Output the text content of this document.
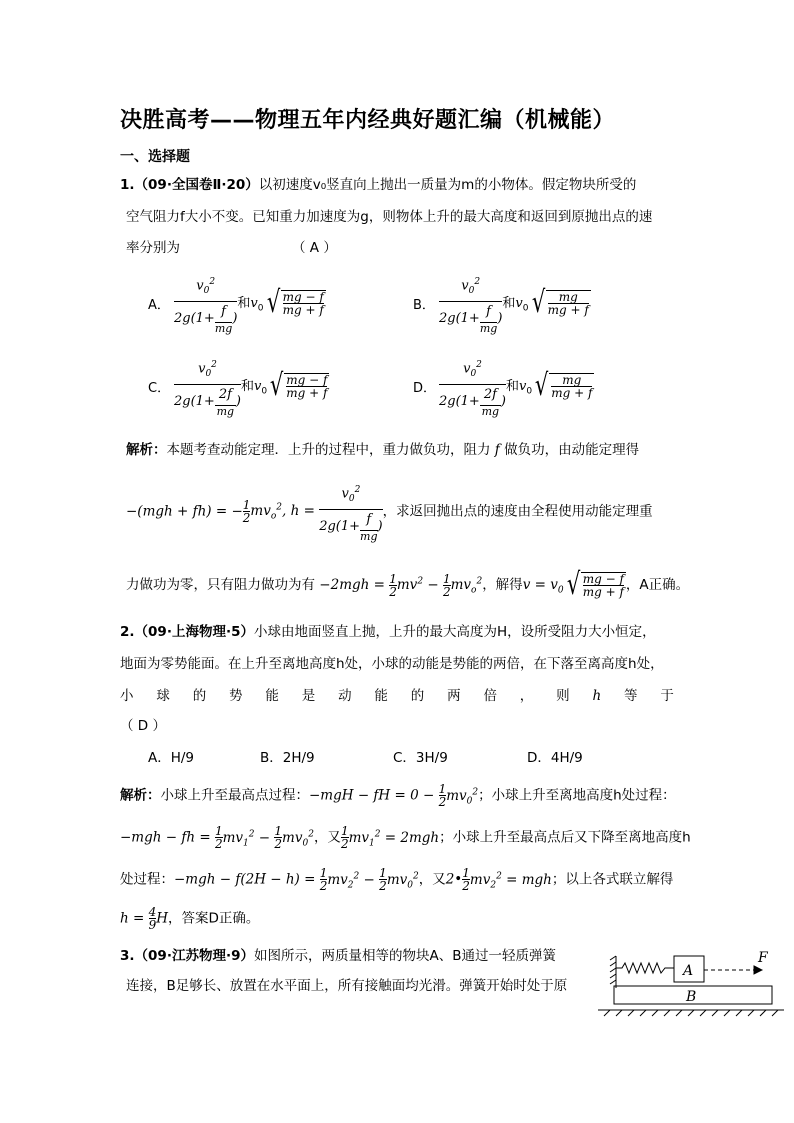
决胜高考——物理五年内经典好题汇编（机械能）
一、选择题
1.（09·全国卷Ⅱ·20）以初速度v₀竖直向上抛出一质量为m的小物体。假定物块所受的
空气阻力f大小不变。已知重力加速度为g，则物体上升的最大高度和返回到原抛出点的速
率分别为	（ A ）
A． $v_0^2$
2g(1+ f
mg
) 和$v_0√ \frac{mg - f}{mg + f}$	B． $v_0^2$
2g(1+ f
mg
) 和$v_0√ \frac{mg}{mg + f}$
C． $v_0^2$
2g(1+ 2f
mg
) 和$v_0√ \frac{mg - f}{mg + f}$	D． $v_0^2$
2g(1+ 2f
mg
) 和$v_0√ \frac{mg}{mg + f}$
解析：本题考查动能定理．上升的过程中，重力做负功，阻力 f 做负功，由动能定理得
−(mgh + fh) = − $\frac{1}{2} mv_o^2$, $h = v_0^2$
2g(1+ f
mg
) ，求返回抛出点的速度由全程使用动能定理重
力做功为零，只有阻力做功为有 $-2mgh = \frac{1}{2} mv^2 - \frac{1}{2} mv_o^2$，解得$v = v_0√ \frac{mg - f}{mg + f}$ ，A正确。
2.（09·上海物理·5）小球由地面竖直上抛，上升的最大高度为H，设所受阻力大小恒定，
地面为零势能面。在上升至离地高度h处，小球的动能是势能的两倍，在下落至离高度h处，
小 球 的 势 能 是 动 能 的 两 倍 ， 则 h 等 于
（ D ）
A．H/9	B．2H/9	C．3H/9	D．4H/9
解析：小球上升至最高点过程：−mgH − fH = $0 - \frac{1}{2} mv_0^2$；小球上升至离地高度h处过程：
−mgh − fh = $\frac{1}{2} mv_1^2 - \frac{1}{2} mv_0^2$，又 $\frac{1}{2} mv_1^2 = 2mgh$；小球上升至最高点后又下降至离地高度h
处过程：$-mgh - f(2H - h) = \frac{1}{2} mv_2^2 - \frac{1}{2} mv_0^2$，又2• $\frac{1}{2} mv_2^2$ = mgh；以上各式联立解得
$h = \frac{4}{9}$ H，答案D正确。
3.（09·江苏物理·9）如图所示，两质量相等的物块A、B通过一轻质弹簧
连接，B足够长、放置在水平面上，所有接触面均光滑。弹簧开始时处于原
A
B
F
